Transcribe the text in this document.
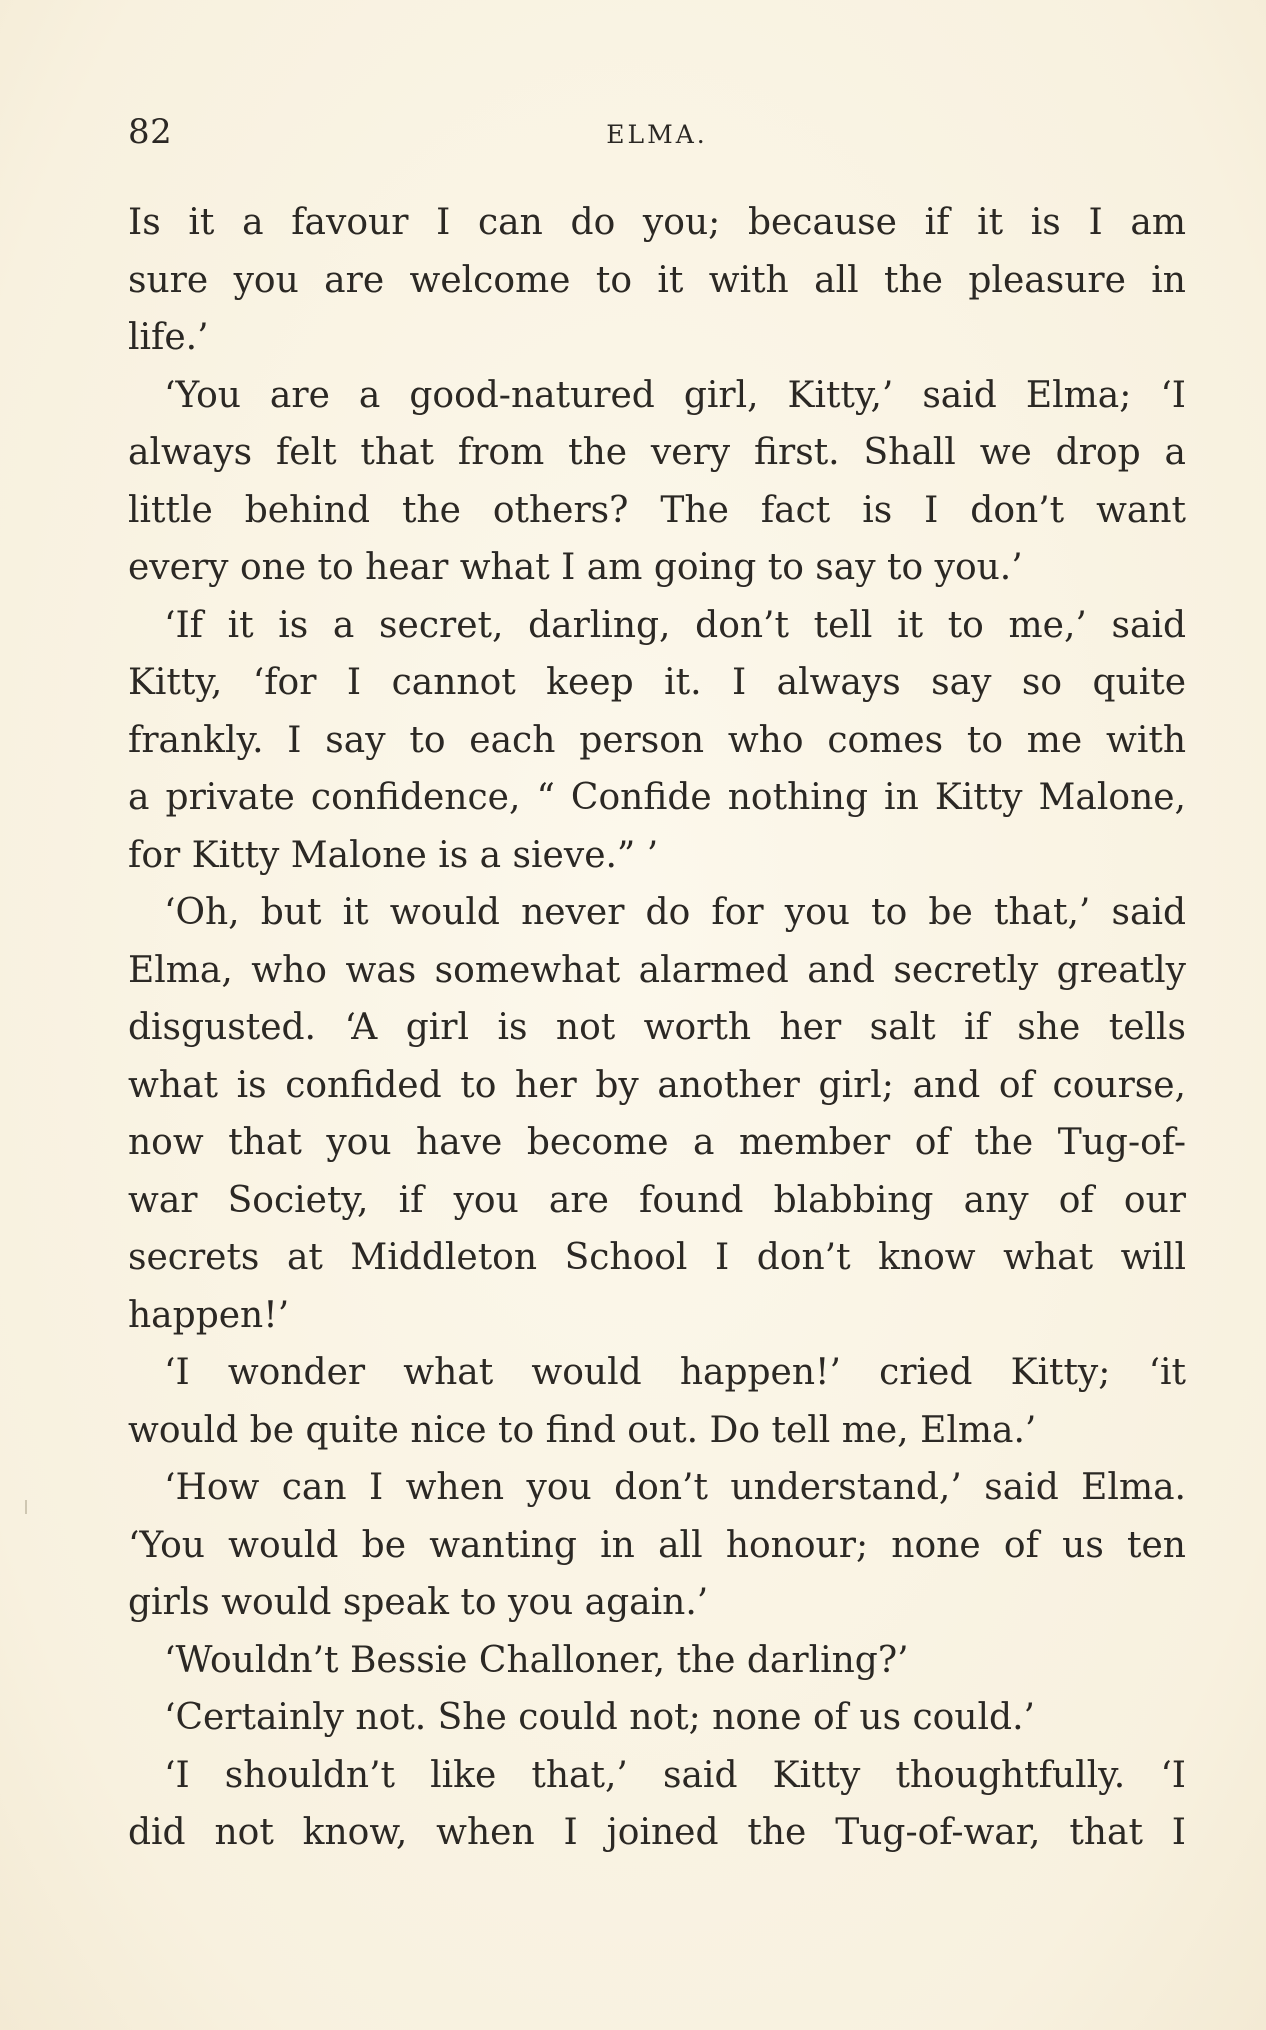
82	ELMA.
Is it a favour I can do you; because if it is I am
sure you are welcome to it with all the pleasure in
life.’
‘You are a good-natured girl, Kitty,’ said Elma; ‘I
always felt that from the very first. Shall we drop a
little behind the others? The fact is I don’t want
every one to hear what I am going to say to you.’
‘If it is a secret, darling, don’t tell it to me,’ said
Kitty, ‘for I cannot keep it. I always say so quite
frankly. I say to each person who comes to me with
a private confidence, “ Confide nothing in Kitty Malone,
for Kitty Malone is a sieve.” ’
‘Oh, but it would never do for you to be that,’ said
Elma, who was somewhat alarmed and secretly greatly
disgusted. ‘A girl is not worth her salt if she tells
what is confided to her by another girl; and of course,
now that you have become a member of the Tug-of-
war Society, if you are found blabbing any of our
secrets at Middleton School I don’t know what will
happen!’
‘I wonder what would happen!’ cried Kitty; ‘it
would be quite nice to find out. Do tell me, Elma.’
‘How can I when you don’t understand,’ said Elma.
‘You would be wanting in all honour; none of us ten
girls would speak to you again.’
‘Wouldn’t Bessie Challoner, the darling?’
‘Certainly not. She could not; none of us could.’
‘I shouldn’t like that,’ said Kitty thoughtfully. ‘I
did not know, when I joined the Tug-of-war, that I
